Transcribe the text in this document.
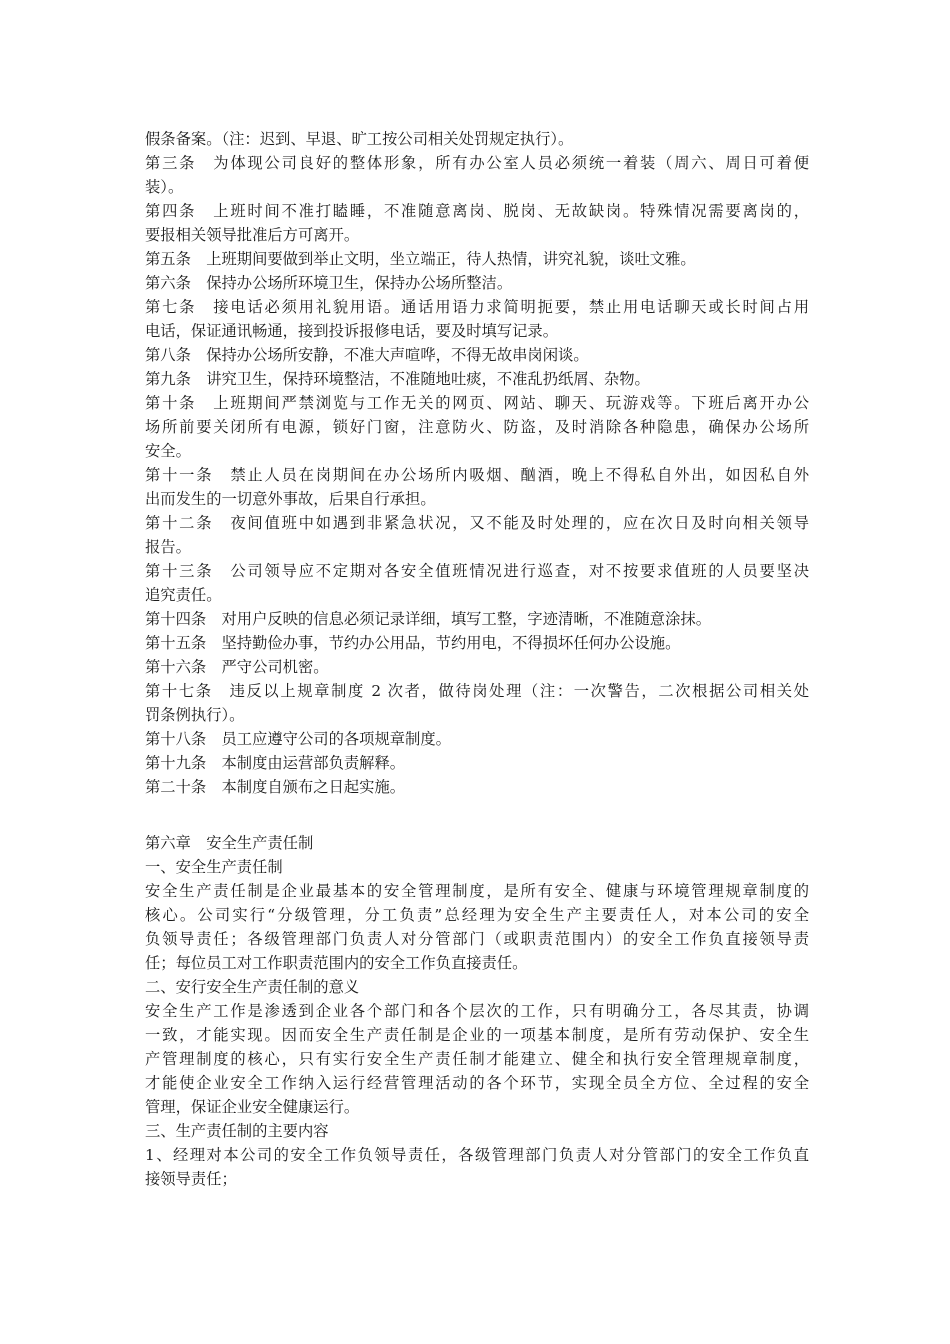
假条备案。（注：迟到、早退、旷工按公司相关处罚规定执行）。
第三条　为体现公司良好的整体形象，所有办公室人员必须统一着装（周六、周日可着便
装）。
第四条　上班时间不准打瞌睡，不准随意离岗、脱岗、无故缺岗。特殊情况需要离岗的，
要报相关领导批准后方可离开。
第五条　上班期间要做到举止文明，坐立端正，待人热情，讲究礼貌，谈吐文雅。
第六条　保持办公场所环境卫生，保持办公场所整洁。
第七条　接电话必须用礼貌用语。通话用语力求简明扼要，禁止用电话聊天或长时间占用
电话，保证通讯畅通，接到投诉报修电话，要及时填写记录。
第八条　保持办公场所安静，不准大声喧哗，不得无故串岗闲谈。
第九条　讲究卫生，保持环境整洁，不准随地吐痰，不准乱扔纸屑、杂物。
第十条　上班期间严禁浏览与工作无关的网页、网站、聊天、玩游戏等。下班后离开办公
场所前要关闭所有电源，锁好门窗，注意防火、防盗，及时消除各种隐患，确保办公场所
安全。
第十一条　禁止人员在岗期间在办公场所内吸烟、酗酒，晚上不得私自外出，如因私自外
出而发生的一切意外事故，后果自行承担。
第十二条　夜间值班中如遇到非紧急状况，又不能及时处理的，应在次日及时向相关领导
报告。
第十三条　公司领导应不定期对各安全值班情况进行巡查，对不按要求值班的人员要坚决
追究责任。
第十四条　对用户反映的信息必须记录详细，填写工整，字迹清晰，不准随意涂抹。
第十五条　坚持勤俭办事，节约办公用品，节约用电，不得损坏任何办公设施。
第十六条　严守公司机密。
第十七条　违反以上规章制度 2 次者，做待岗处理（注：一次警告，二次根据公司相关处
罚条例执行）。
第十八条　员工应遵守公司的各项规章制度。
第十九条　本制度由运营部负责解释。
第二十条　本制度自颁布之日起实施。
第六章　安全生产责任制
一、安全生产责任制
安全生产责任制是企业最基本的安全管理制度，是所有安全、健康与环境管理规章制度的
核心。公司实行“分级管理，分工负责”总经理为安全生产主要责任人，对本公司的安全
负领导责任；各级管理部门负责人对分管部门（或职责范围内）的安全工作负直接领导责
任；每位员工对工作职责范围内的安全工作负直接责任。
二、安行安全生产责任制的意义
安全生产工作是渗透到企业各个部门和各个层次的工作，只有明确分工，各尽其责，协调
一致，才能实现。因而安全生产责任制是企业的一项基本制度，是所有劳动保护、安全生
产管理制度的核心，只有实行安全生产责任制才能建立、健全和执行安全管理规章制度，
才能使企业安全工作纳入运行经营管理活动的各个环节，实现全员全方位、全过程的安全
管理，保证企业安全健康运行。
三、生产责任制的主要内容
1、经理对本公司的安全工作负领导责任，各级管理部门负责人对分管部门的安全工作负直
接领导责任；
